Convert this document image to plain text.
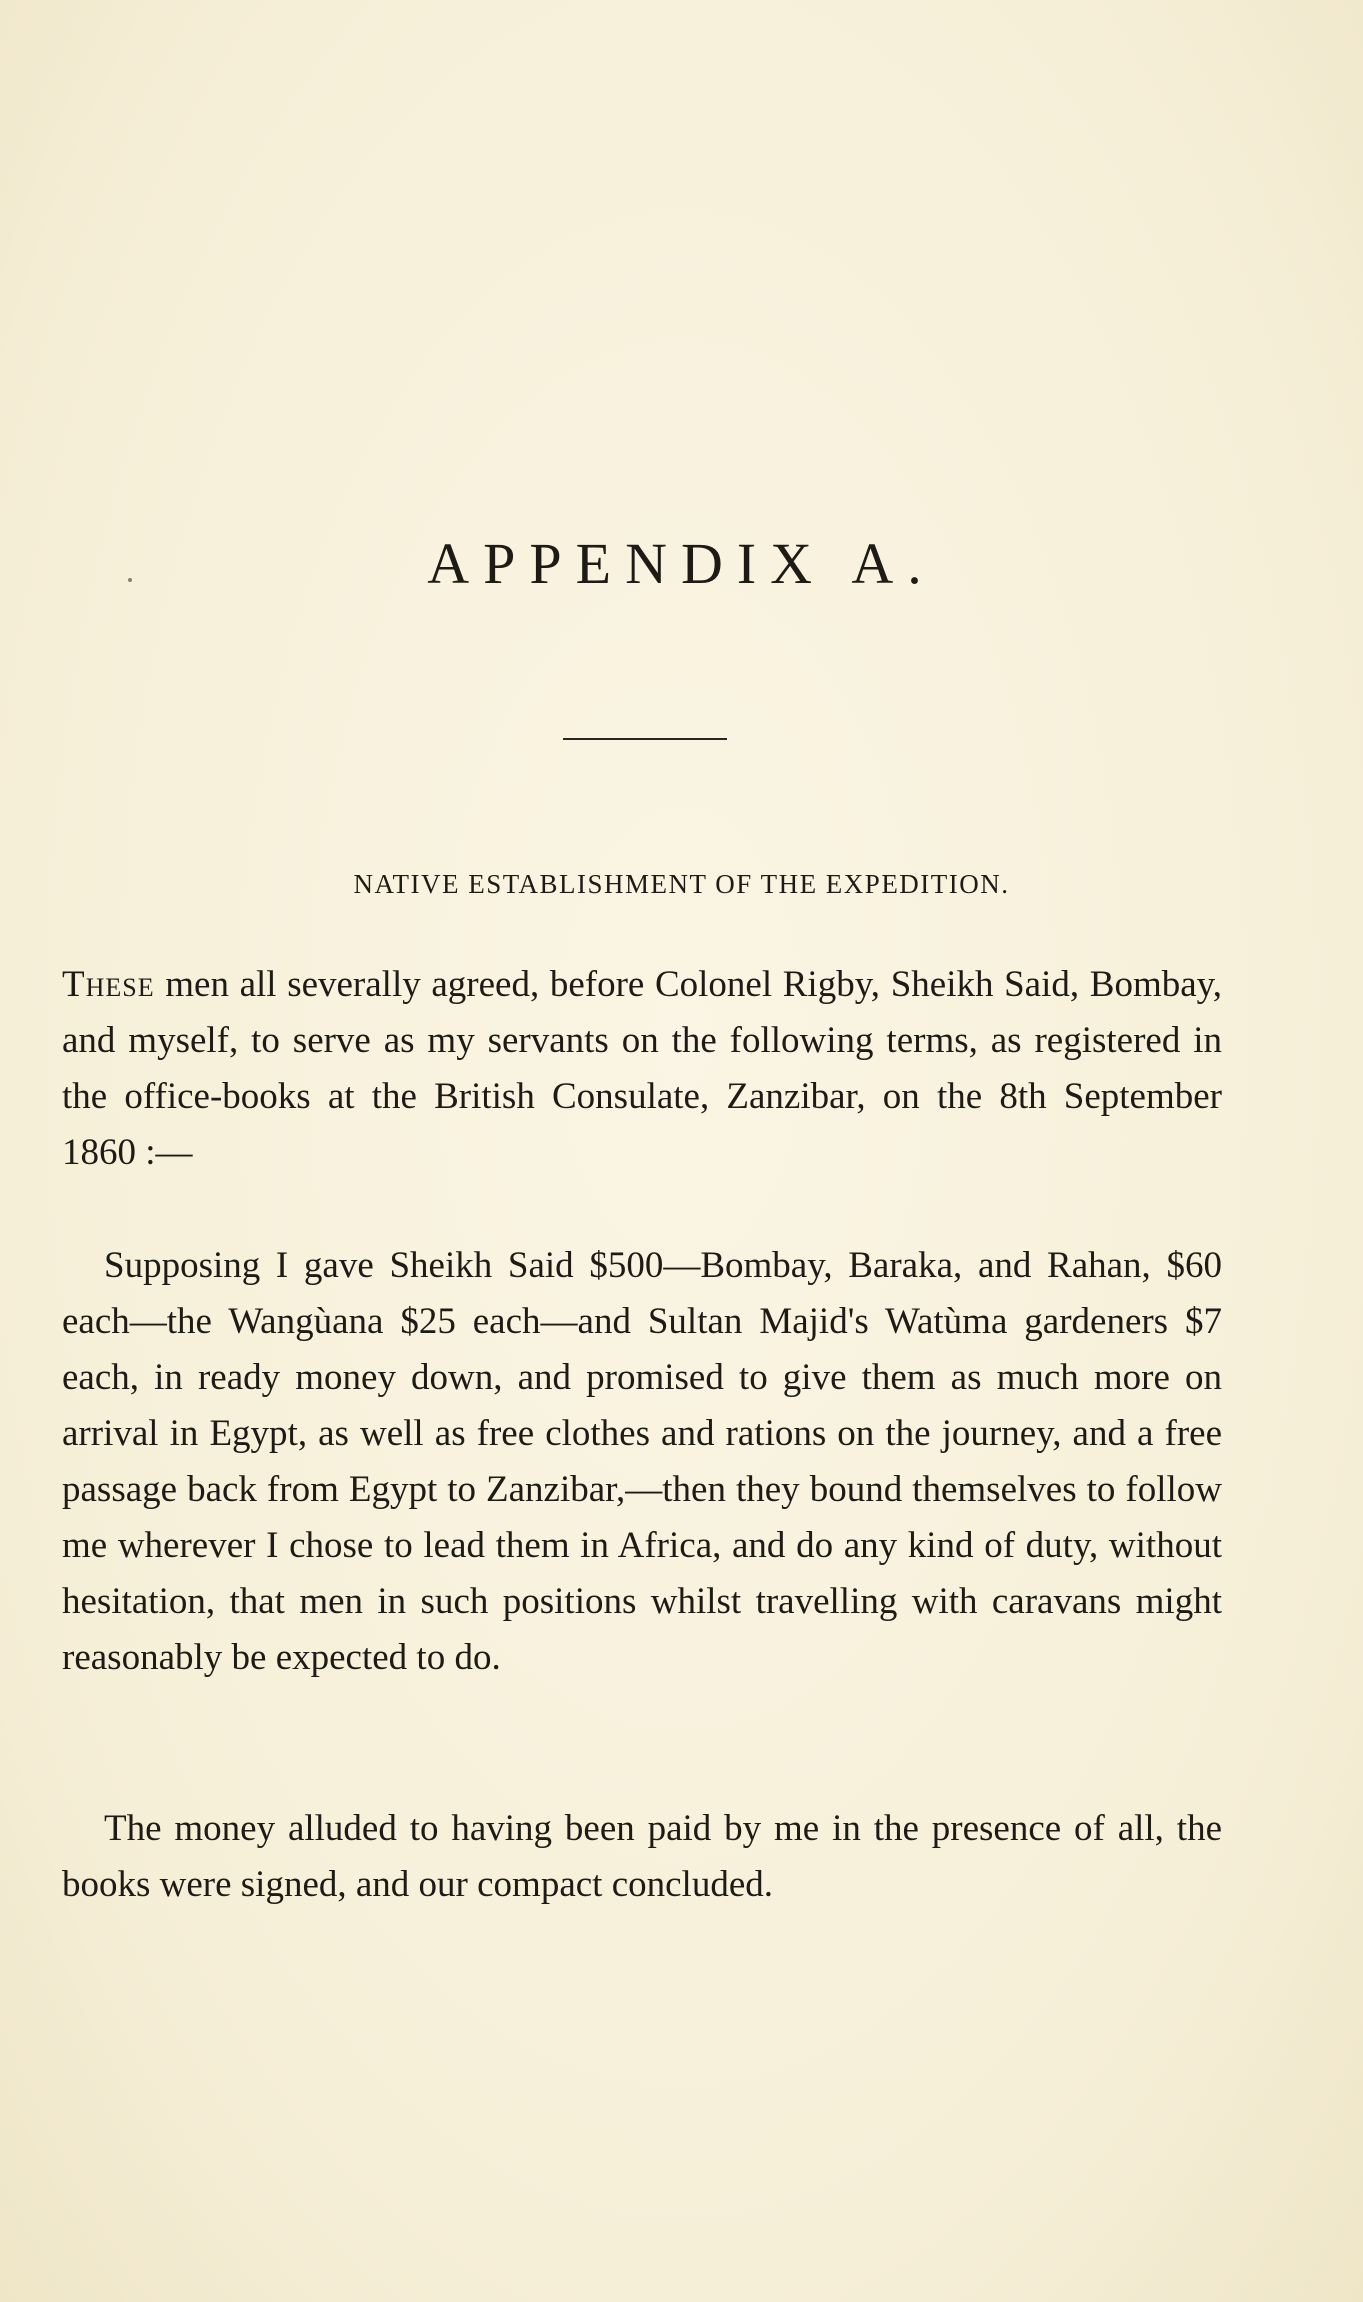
APPENDIX A.
NATIVE ESTABLISHMENT OF THE EXPEDITION.

These men all severally agreed, before Colonel Rigby, Sheikh Said, Bombay, and myself, to serve as my servants on the following terms, as registered in the office-books at the British Consulate, Zanzibar, on the 8th September 1860 :—

Supposing I gave Sheikh Said $500—Bombay, Baraka, and Rahan, $60 each—the Wangùana $25 each—and Sultan Majid's Watùma gardeners $7 each, in ready money down, and promised to give them as much more on arrival in Egypt, as well as free clothes and rations on the journey, and a free passage back from Egypt to Zanzibar,—then they bound themselves to follow me wherever I chose to lead them in Africa, and do any kind of duty, without hesitation, that men in such positions whilst travelling with caravans might reasonably be expected to do.

The money alluded to having been paid by me in the presence of all, the books were signed, and our compact concluded.
